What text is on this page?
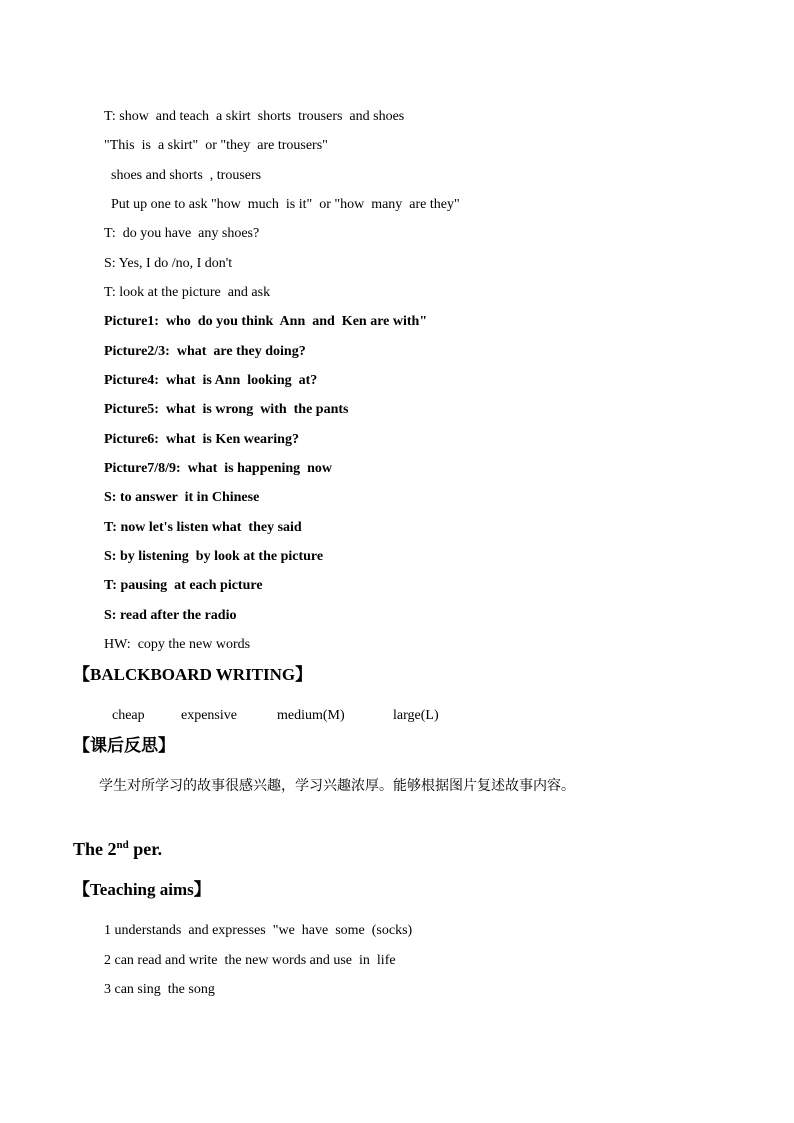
T: show  and teach  a skirt  shorts  trousers  and shoes
"This  is  a skirt"  or "they  are trousers"
shoes and shorts  , trousers
Put up one to ask "how  much  is it"  or "how  many  are they"
T:  do you have  any shoes?
S: Yes, I do /no, I don't
T: look at the picture  and ask
Picture1:  who  do you think  Ann  and  Ken are with"
Picture2/3:  what  are they doing?
Picture4:  what  is Ann  looking  at?
Picture5:  what  is wrong  with  the pants
Picture6:  what  is Ken wearing?
Picture7/8/9:  what  is happening  now
S: to answer  it in Chinese
T: now let's listen what  they said
S: by listening  by look at the picture
T: pausing  at each picture
S: read after the radio
HW:  copy the new words
【BALCKBOARD WRITING】

cheap

	expensive

	medium(M)

	large(L)

【课后反思】
学生对所学习的故事很感兴趣，学习兴趣浓厚。能够根据图片复述故事内容。
The 2nd per.
【Teaching aims】
1 understands  and expresses  "we  have  some  (socks)
2 can read and write  the new words and use  in  life
3 can sing  the song
